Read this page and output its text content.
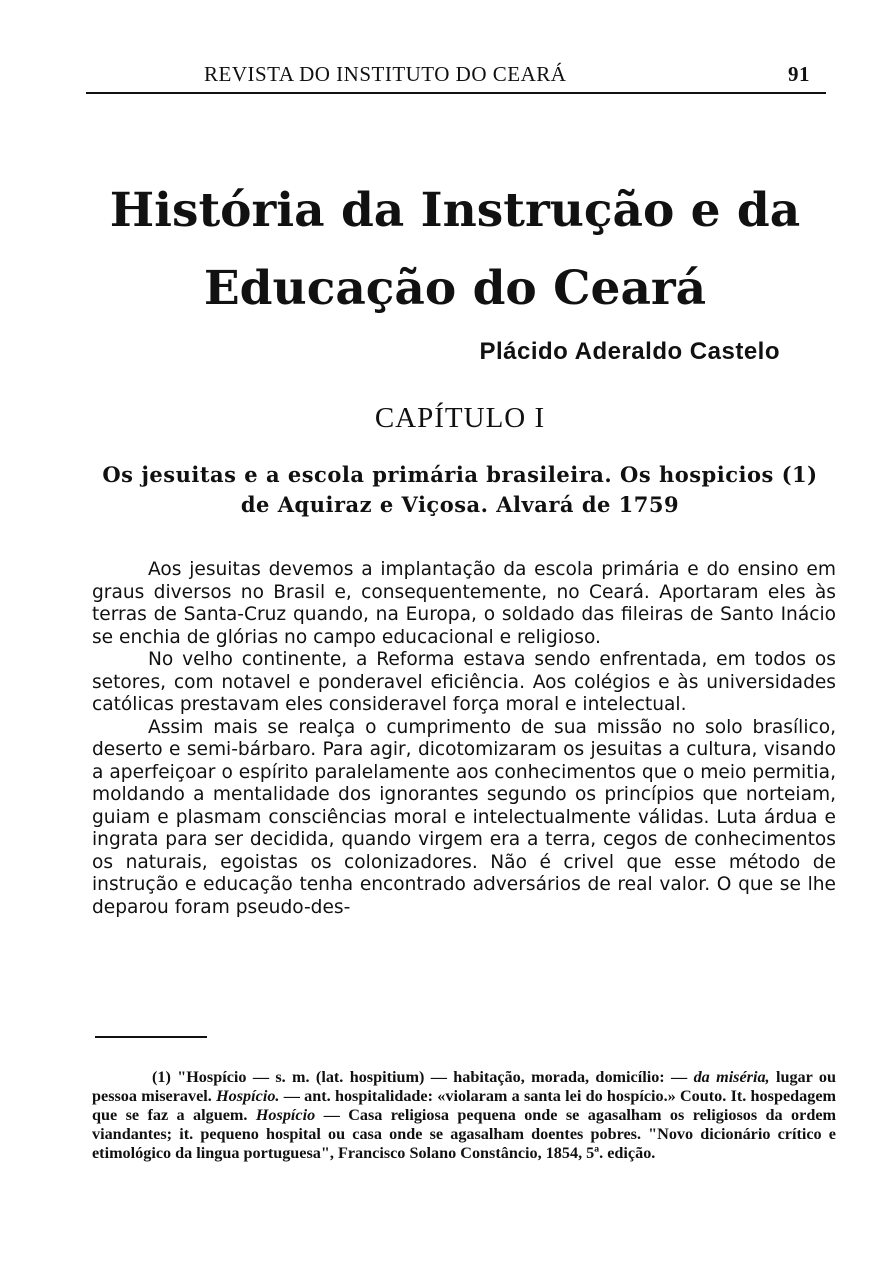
REVISTA DO INSTITUTO DO CEARÁ	91
História da Instrução e da
Educação do Ceará
Plácido Aderaldo Castelo
CAPÍTULO I
Os jesuitas e a escola primária brasileira. Os hospicios (1)
de Aquiraz e Viçosa. Alvará de 1759

Aos jesuitas devemos a implantação da escola primária e do ensino em graus diversos no Brasil e, consequentemente, no Ceará. Aportaram eles às terras de Santa-Cruz quando, na Europa, o soldado das fileiras de Santo Inácio se enchia de glórias no campo educacional e religioso.

No velho continente, a Reforma estava sendo enfrentada, em todos os setores, com notavel e ponderavel eficiência. Aos colégios e às universidades católicas prestavam eles consideravel força moral e intelectual.

Assim mais se realça o cumprimento de sua missão no solo brasílico, deserto e semi-bárbaro. Para agir, dicotomizaram os jesuitas a cultura, visando a aperfeiçoar o espírito paralelamente aos conhecimentos que o meio permitia, moldando a mentalidade dos ignorantes segundo os princípios que norteiam, guiam e plasmam consciências moral e intelectualmente válidas. Luta árdua e ingrata para ser decidida, quando virgem era a terra, cegos de conhecimentos os naturais, egoistas os colonizadores. Não é crivel que esse método de instrução e educação tenha encontrado adversários de real valor. O que se lhe deparou foram pseudo-des-

(1) "Hospício — s. m. (lat. hospitium) — habitação, morada, domicílio: — da miséria, lugar ou pessoa miseravel. Hospício. — ant. hospitalidade: «violaram a santa lei do hospício.» Couto. It. hospedagem que se faz a alguem. Hospício — Casa religiosa pequena onde se agasalham os religiosos da ordem viandantes; it. pequeno hospital ou casa onde se agasalham doentes pobres. "Novo dicionário crítico e etimológico da lingua portuguesa", Francisco Solano Constâncio, 1854, 5ª. edição.
